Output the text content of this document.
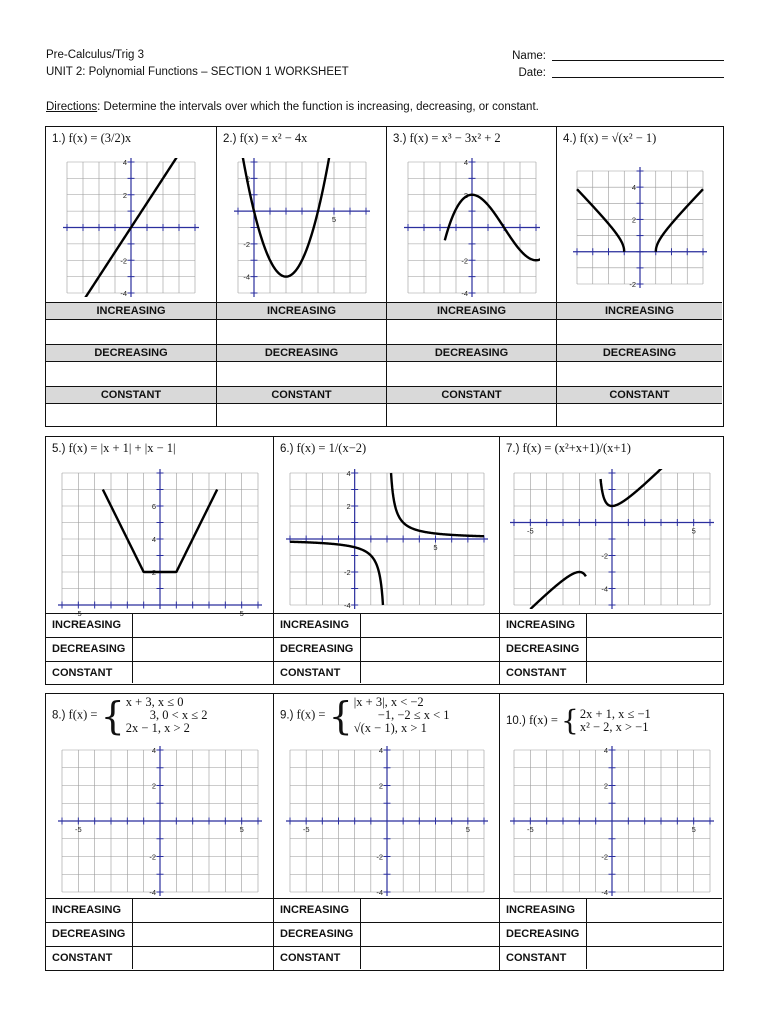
Pre-Calculus/Trig 3
UNIT 2: Polynomial Functions – SECTION 1 WORKSHEET
Name:
Date:
Directions: Determine the intervals over which the function is increasing, decreasing, or constant.
1.) f(x) = (3/2)x
4
2
-2
-4
INCREASING
DECREASING
CONSTANT
2.) f(x) = x² − 4x
2
-2
-4
5
INCREASING
DECREASING
CONSTANT
3.) f(x) = x³ − 3x² + 2
4
2
-2
-4
INCREASING
DECREASING
CONSTANT
4.) f(x) = √(x² − 1)
4
2
-2
INCREASING
DECREASING
CONSTANT
5.) f(x) = |x + 1| + |x − 1|
6
4
2
-5	5
INCREASING
DECREASING
CONSTANT
6.) f(x) = 1/(x−2)
4
2
-2
-4
5
INCREASING
DECREASING
CONSTANT
7.) f(x) = (x²+x+1)/(x+1)
-2
-4
-5	5
INCREASING
DECREASING
CONSTANT
8.) f(x) = { x + 3, x ≤ 0
3, 0 < x ≤ 2
2x − 1, x > 2
4
2
-2
-4
-5	5
INCREASING
DECREASING
CONSTANT
9.) f(x) = { |x + 3|, x < −2
−1, −2 ≤ x < 1
√(x − 1), x > 1
4
2
-2
-4
-5	5
INCREASING
DECREASING
CONSTANT
10.) f(x) = { 2x + 1, x ≤ −1
x² − 2, x > −1
4
2
-2
-4
-5	5
INCREASING
DECREASING
CONSTANT
